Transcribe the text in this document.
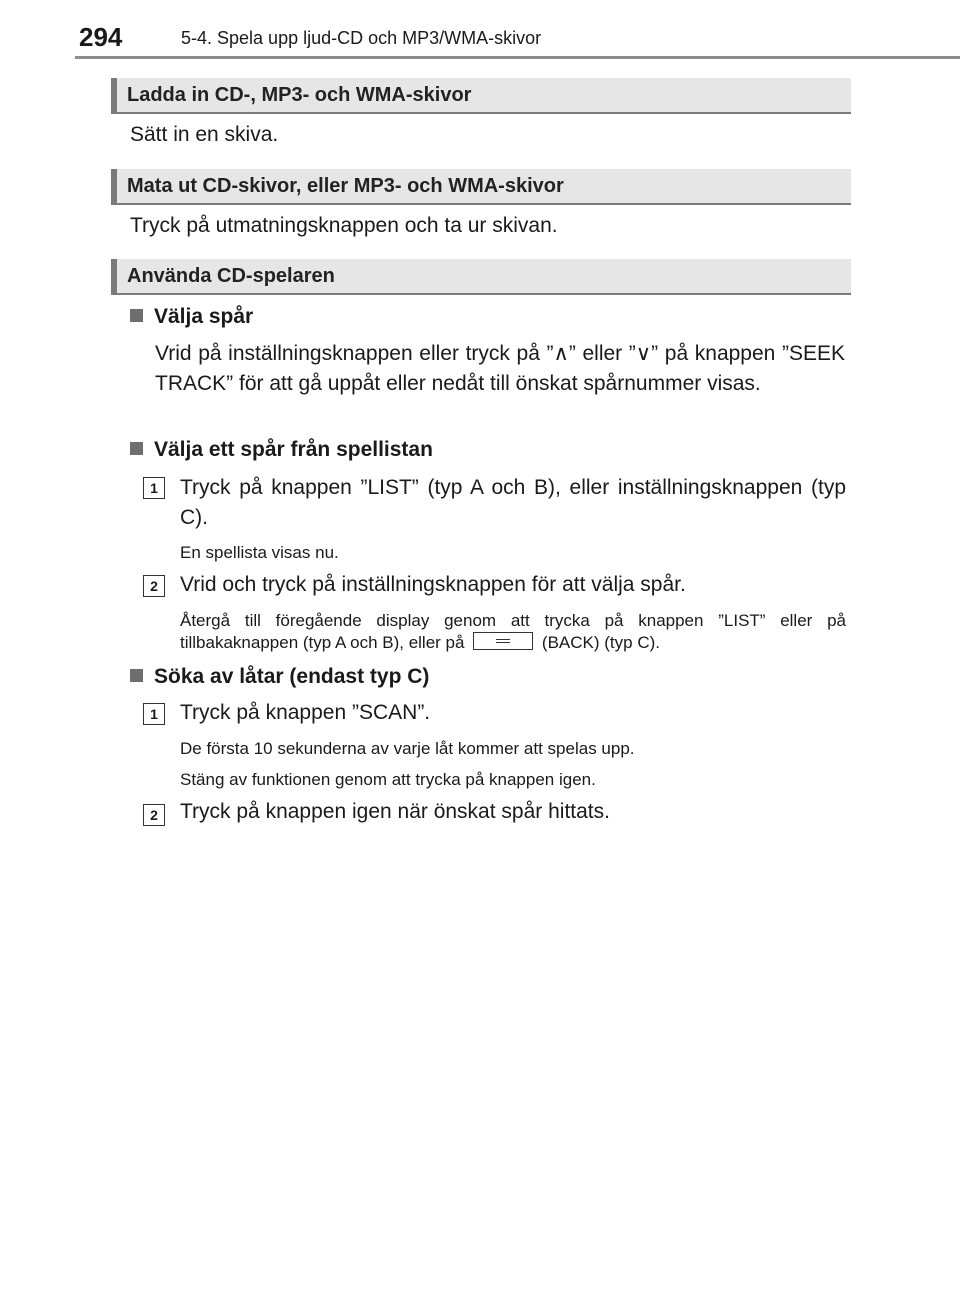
294	5-4. Spela upp ljud-CD och MP3/WMA-skivor
Ladda in CD-, MP3- och WMA-skivor
Sätt in en skiva.
Mata ut CD-skivor, eller MP3- och WMA-skivor
Tryck på utmatningsknappen och ta ur skivan.
Använda CD-spelaren
Välja spår
Vrid på inställningsknappen eller tryck på ”∧” eller ”∨” på knappen ”SEEK TRACK” för att gå uppåt eller nedåt till önskat spårnummer visas.
Välja ett spår från spellistan
1	Tryck på knappen ”LIST” (typ A och B), eller inställningsknappen (typ C).
En spellista visas nu.
2	Vrid och tryck på inställningsknappen för att välja spår.
Återgå till föregående display genom att trycka på knappen ”LIST” eller på tillbakaknappen (typ A och B), eller på	(BACK) (typ C).
Söka av låtar (endast typ C)
1	Tryck på knappen ”SCAN”.
De första 10 sekunderna av varje låt kommer att spelas upp.
Stäng av funktionen genom att trycka på knappen igen.
2	Tryck på knappen igen när önskat spår hittats.
